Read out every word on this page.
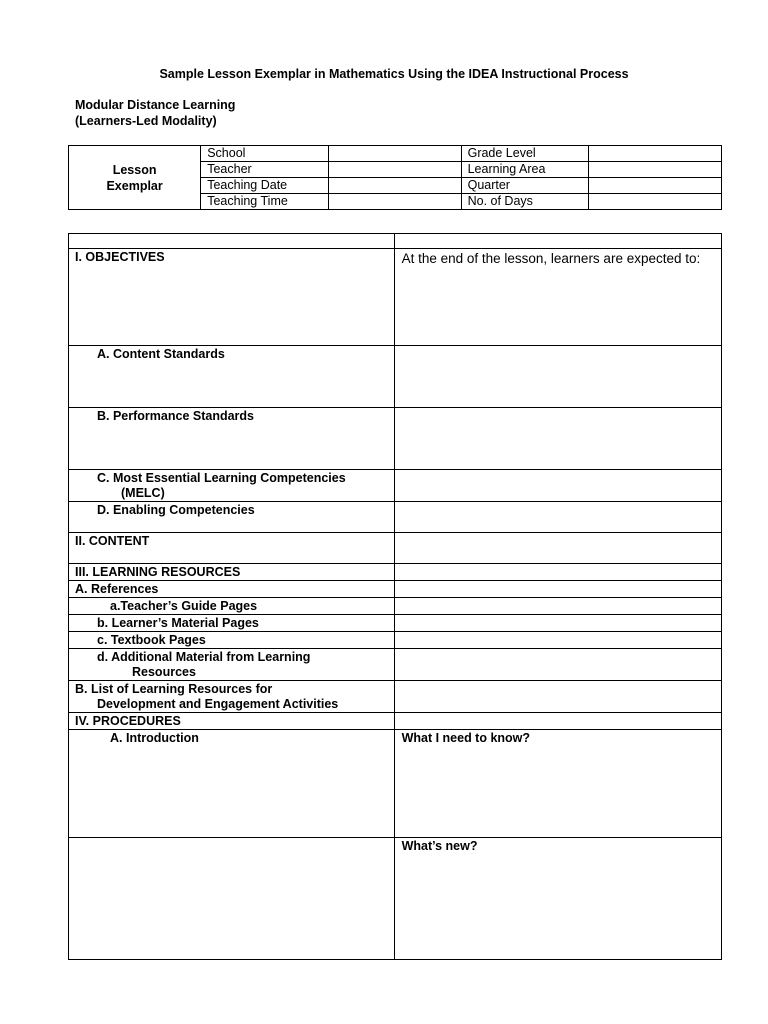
Sample Lesson Exemplar in Mathematics Using the IDEA Instructional Process
Modular Distance Learning
(Learners-Led Modality)
Lesson
Exemplar	School		Grade Level	
	Teacher		Learning Area	
	Teaching Date		Quarter	
	Teaching Time		No. of Days	

I. OBJECTIVES	At the end of the lesson, learners are expected to:

A. Content Standards	

B. Performance Standards	

C. Most Essential Learning Competencies
(MELC)	

D. Enabling Competencies	

II. CONTENT	

III. LEARNING RESOURCES	

A. References	

a.Teacher’s Guide Pages	

b. Learner’s Material Pages	

c. Textbook Pages	

d. Additional Material from Learning
Resources	

B. List of Learning Resources for
Development and Engagement Activities	

IV. PROCEDURES	

A. Introduction	What I need to know?

	What’s new?
